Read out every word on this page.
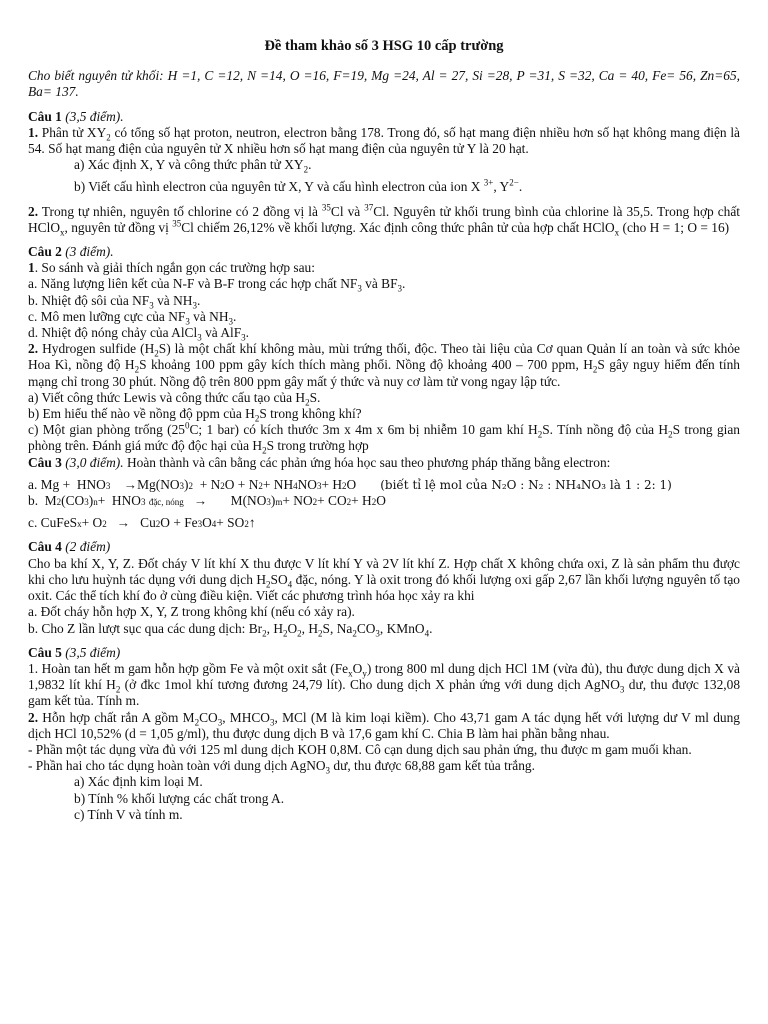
Đề tham khảo số 3 HSG 10 cấp trường

Cho biết nguyên tử khối: H =1, C =12, N =14, O =16, F=19, Mg =24, Al = 27, Si =28, P =31, S =32, Ca = 40, Fe= 56, Zn=65, Ba= 137.

Câu 1 (3,5 điểm).

1. Phân tử $XY_2$ có tổng số hạt proton, neutron, electron bằng 178. Trong đó, số hạt mang điện nhiều hơn số hạt không mang điện là 54. Số hạt mang điện của nguyên tử X nhiều hơn số hạt mang điện của nguyên tử Y là 20 hạt.

a) Xác định X, Y và công thức phân tử $XY_2$.

b) Viết cấu hình electron của nguyên tử X, Y và cấu hình electron của ion X $^{3+}$, $Y^{2-}$.

2. Trong tự nhiên, nguyên tố chlorine có 2 đồng vị là $^{35}$Cl và $^{37}$Cl. Nguyên tử khối trung bình của chlorine là 35,5. Trong hợp chất HClO$_x$, nguyên tử đồng vị $^{35}$Cl chiếm 26,12% về khối lượng. Xác định công thức phân tử của hợp chất HClO$_x$ (cho H = 1; O = 16)

Câu 2 (3 điểm).

1. So sánh và giải thích ngắn gọn các trường hợp sau:

a. Năng lượng liên kết của N-F và B-F trong các hợp chất $NF_3$ và $BF_3$.

b. Nhiệt độ sôi của $NF_3$ và $NH_3$.

c. Mô men lưỡng cực của $NF_3$ và $NH_3$.

d. Nhiệt độ nóng chảy của AlCl$_3$ và AlF$_3$.

2. Hydrogen sulfide $(H_2S)$ là một chất khí không màu, mùi trứng thối, độc. Theo tài liệu của Cơ quan Quản lí an toàn và sức khỏe Hoa Kì, nồng độ $H_2S$ khoảng 100 ppm gây kích thích màng phổi. Nồng độ khoảng 400 – 700 ppm, $H_2S$ gây nguy hiểm đến tính mạng chỉ trong 30 phút. Nồng độ trên 800 ppm gây mất ý thức và nuy cơ làm tử vong ngay lập tức.

a) Viết công thức Lewis và công thức cấu tạo của $H_2S$.

b) Em hiểu thế nào về nồng độ ppm của $H_2S$ trong không khí?

c) Một gian phòng trống ($25^0C$; 1 bar) có kích thước 3m x 4m x 6m bị nhiễm 10 gam khí $H_2S$. Tính nồng độ của $H_2S$ trong gian phòng trên. Đánh giá mức độ độc hại của $H_2S$ trong trường hợp

Câu 3 (3,0 điểm). Hoàn thành và cân bằng các phản ứng hóa học sau theo phương pháp thăng bằng electron:

a. Mg +  HNO 3 →Mg(NO 3 ) 2 + N 2 O + N 2 + NH 4 NO 3 + H 2 O (biết tỉ lệ mol của N₂O : N₂ : NH₄NO₃ là 1 : 2: 1)

b.  M 2 (CO 3 ) n +  HNO 3
đặc, nóng →       M(NO 3 ) m + NO 2 + CO 2 + H 2 O

c. CuFeS x + O 2 →   Cu 2 O + Fe 3 O 4 + SO 2 ↑

Câu 4 (2 điểm)

Cho ba khí X, Y, Z. Đốt cháy V lít khí X thu được V lít khí Y và 2V lít khí Z. Hợp chất X không chứa oxi, Z là sản phẩm thu được khi cho lưu huỳnh tác dụng với dung dịch $H_2SO_4$ đặc, nóng. Y là oxit trong đó khối lượng oxi gấp 2,67 lần khối lượng nguyên tố tạo oxit. Các thể tích khí đo ở cùng điều kiện. Viết các phương trình hóa học xảy ra khi

a. Đốt cháy hỗn hợp X, Y, Z trong không khí (nếu có xảy ra).

b. Cho Z lần lượt sục qua các dung dịch: $Br_2$, $H_2O_2$, $H_2S$, $Na_2CO_3$, KMnO$_4$.

Câu 5 (3,5 điểm)

1. Hoàn tan hết m gam hỗn hợp gồm Fe và một oxit sắt $(Fe_xO_y)$ trong 800 ml dung dịch HCl 1M (vừa đủ), thu được dung dịch X và 1,9832 lít khí $H_2$ (ở đkc 1mol khí tương đương 24,79 lít). Cho dung dịch X phản ứng với dung dịch AgNO$_3$ dư, thu được 132,08 gam kết tủa. Tính m.

2. Hỗn hợp chất rắn A gồm $M_2CO_3$, $MHCO_3$, MCl (M là kim loại kiềm). Cho 43,71 gam A tác dụng hết với lượng dư V ml dung dịch HCl 10,52% (d = 1,05 g/ml), thu được dung dịch B và 17,6 gam khí C. Chia B làm hai phần bằng nhau.

- Phần một tác dụng vừa đủ với 125 ml dung dịch KOH 0,8M. Cô cạn dung dịch sau phản ứng, thu được m gam muối khan.

- Phần hai cho tác dụng hoàn toàn với dung dịch AgNO$_3$ dư, thu được 68,88 gam kết tủa trắng.

a) Xác định kim loại M.

b) Tính % khối lượng các chất trong A.

c) Tính V và tính m.
